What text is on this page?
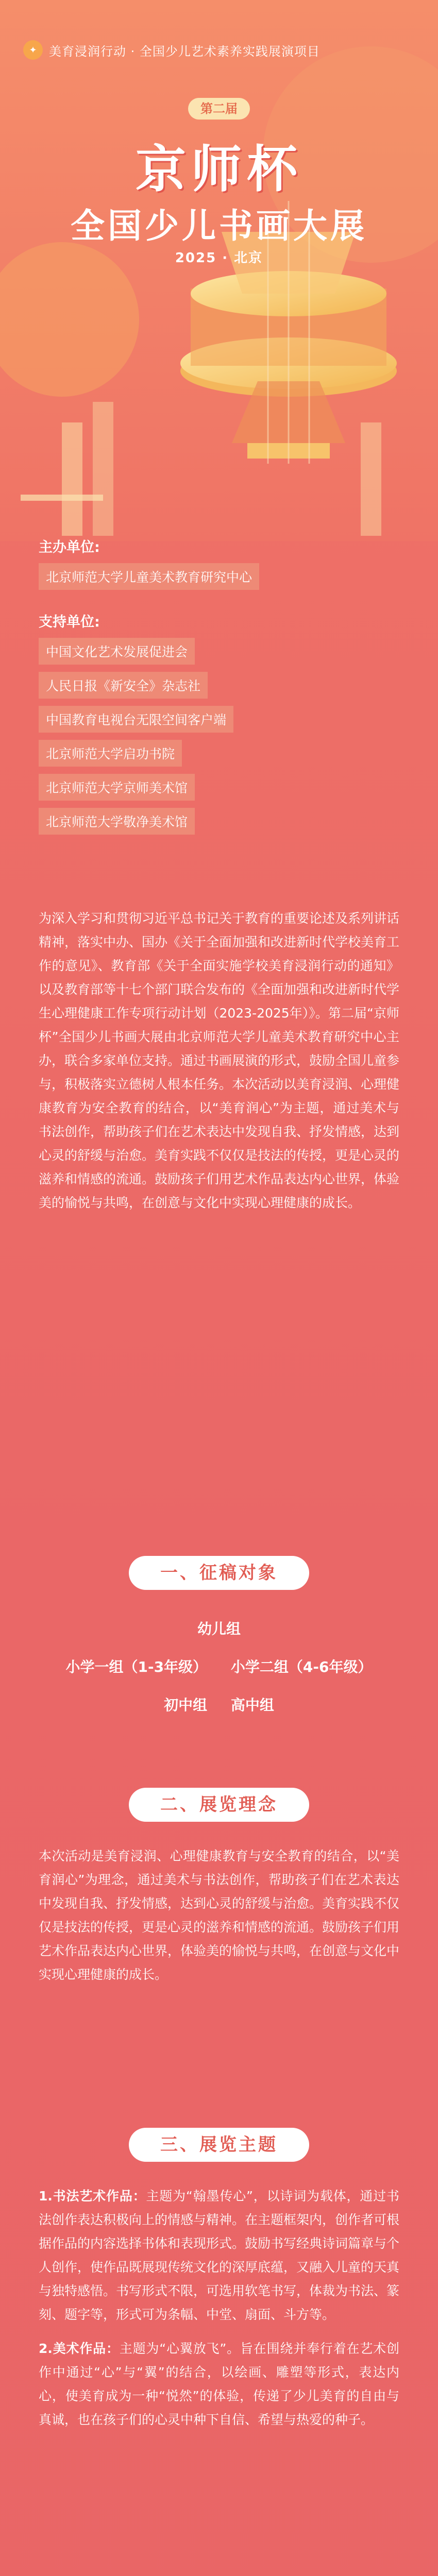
✦ 美育浸润行动 · 全国少儿艺术素养实践展演项目
第二届
京师杯
全国少儿书画大展
2025 · 北京
主办单位:
北京师范大学儿童美术教育研究中心
支持单位:
中国文化艺术发展促进会
人民日报《新安全》杂志社
中国教育电视台无限空间客户端
北京师范大学启功书院
北京师范大学京师美术馆
北京师范大学敬净美术馆
为深入学习和贯彻习近平总书记关于教育的重要论述及系列讲话精神，落实中办、国办《关于全面加强和改进新时代学校美育工作的意见》、教育部《关于全面实施学校美育浸润行动的通知》以及教育部等十七个部门联合发布的《全面加强和改进新时代学生心理健康工作专项行动计划（2023-2025年）》。第二届“京师杯”全国少儿书画大展由北京师范大学儿童美术教育研究中心主办，联合多家单位支持。通过书画展演的形式，鼓励全国儿童参与，积极落实立德树人根本任务。本次活动以美育浸润、心理健康教育为安全教育的结合，以“美育润心”为主题，通过美术与书法创作，帮助孩子们在艺术表达中发现自我、抒发情感，达到心灵的舒缓与治愈。美育实践不仅仅是技法的传授，更是心灵的滋养和情感的流通。鼓励孩子们用艺术作品表达内心世界，体验美的愉悦与共鸣，在创意与文化中实现心理健康的成长。
一、征稿对象
幼儿组
小学一组（1-3年级） 小学二组（4-6年级）
初中组 高中组
二、展览理念

本次活动是美育浸润、心理健康教育与安全教育的结合，以“美育润心”为理念，通过美术与书法创作，帮助孩子们在艺术表达中发现自我、抒发情感，达到心灵的舒缓与治愈。美育实践不仅仅是技法的传授，更是心灵的滋养和情感的流通。鼓励孩子们用艺术作品表达内心世界，体验美的愉悦与共鸣，在创意与文化中实现心理健康的成长。

三、展览主题

1.书法艺术作品：主题为“翰墨传心”，以诗词为载体，通过书法创作表达积极向上的情感与精神。在主题框架内，创作者可根据作品的内容选择书体和表现形式。鼓励书写经典诗词篇章与个人创作，使作品既展现传统文化的深厚底蕴，又融入儿童的天真与独特感悟。书写形式不限，可选用软笔书写，体裁为书法、篆刻、题字等，形式可为条幅、中堂、扇面、斗方等。

2.美术作品：主题为“心翼放飞”。旨在围绕并奉行着在艺术创作中通过“心”与“翼”的结合，以绘画、雕塑等形式，表达内心，使美育成为一种“悦然”的体验，传递了少儿美育的自由与真诚，也在孩子们的心灵中种下自信、希望与热爱的种子。
